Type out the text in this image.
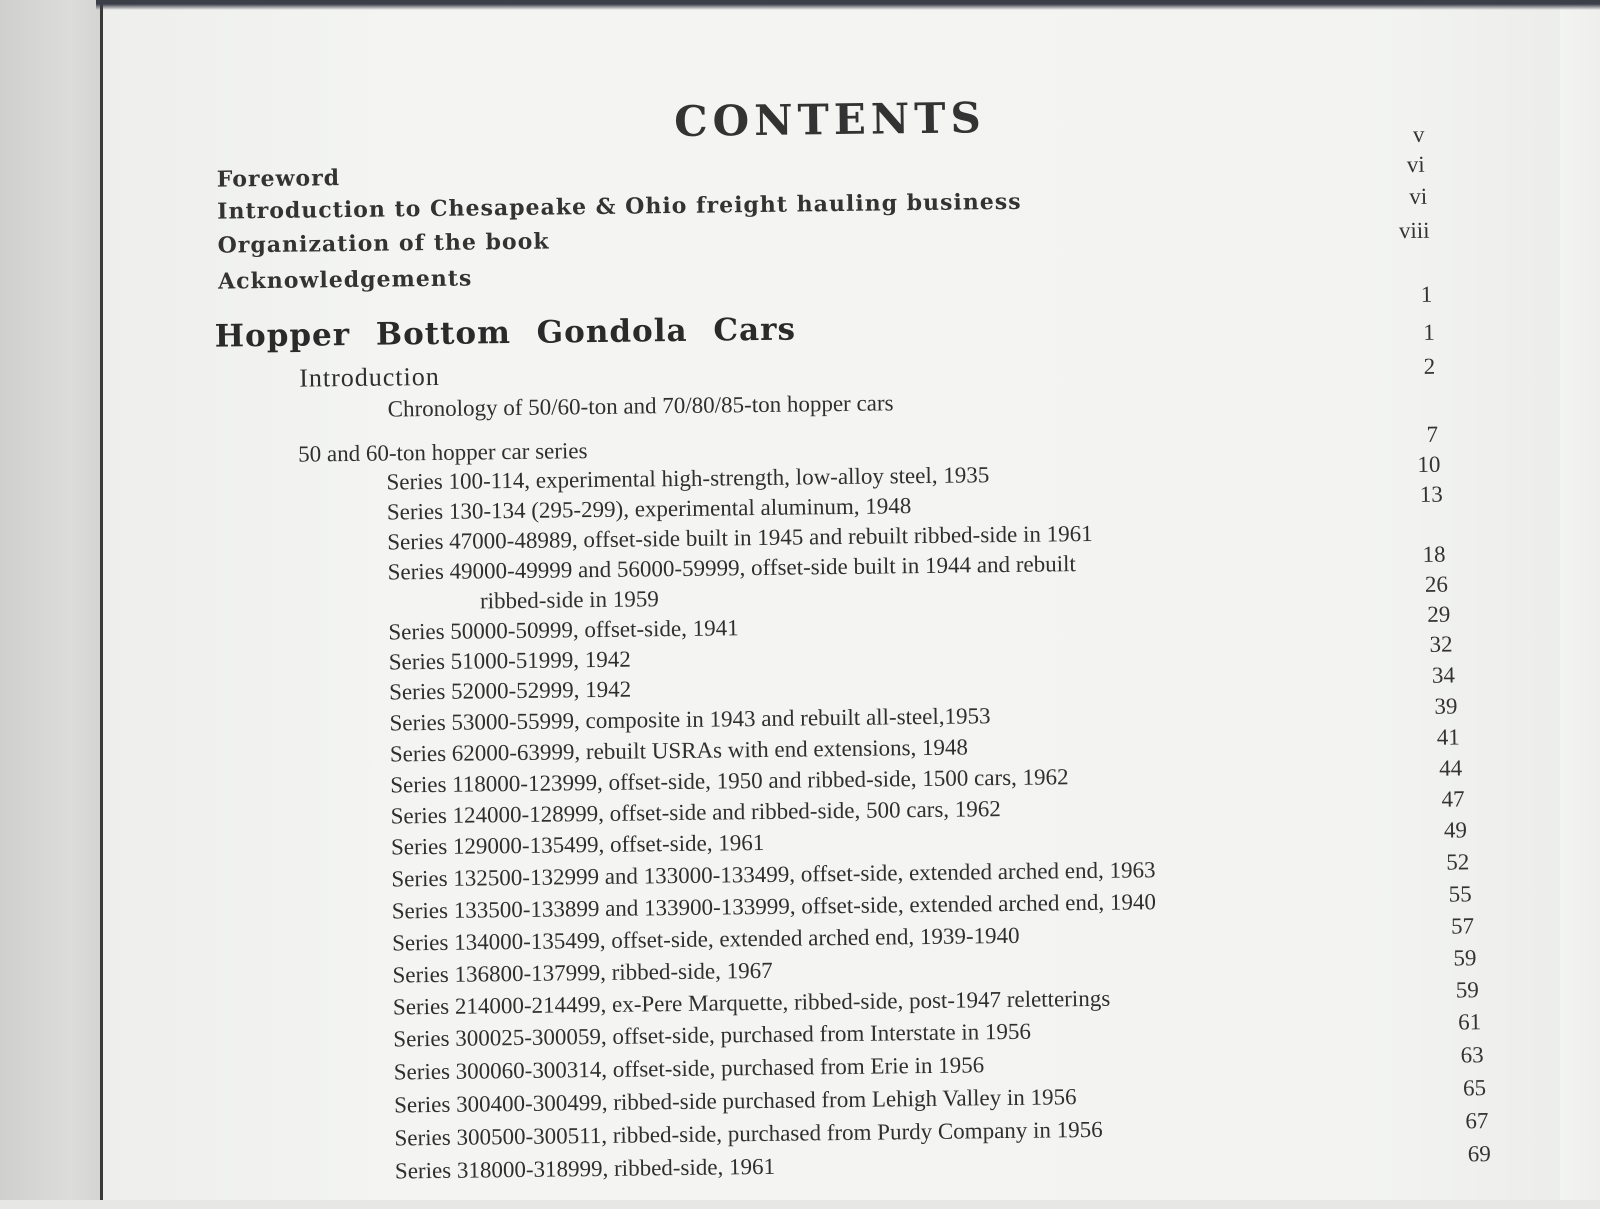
CONTENTS
Foreword
Introduction to Chesapeake & Ohio freight hauling business
Organization of the book
Acknowledgements
Hopper Bottom Gondola Cars
Introduction
Chronology of 50/60-ton and 70/80/85-ton hopper cars
50 and 60-ton hopper car series
Series 100-114, experimental high-strength, low-alloy steel, 1935
Series 130-134 (295-299), experimental aluminum, 1948
Series 47000-48989, offset-side built in 1945 and rebuilt ribbed-side in 1961
Series 49000-49999 and 56000-59999, offset-side built in 1944 and rebuilt
ribbed-side in 1959
Series 50000-50999, offset-side, 1941
Series 51000-51999, 1942
Series 52000-52999, 1942
Series 53000-55999, composite in 1943 and rebuilt all-steel,1953
Series 62000-63999, rebuilt USRAs with end extensions, 1948
Series 118000-123999, offset-side, 1950 and ribbed-side, 1500 cars, 1962
Series 124000-128999, offset-side and ribbed-side, 500 cars, 1962
Series 129000-135499, offset-side, 1961
Series 132500-132999 and 133000-133499, offset-side, extended arched end, 1963
Series 133500-133899 and 133900-133999, offset-side, extended arched end, 1940
Series 134000-135499, offset-side, extended arched end, 1939-1940
Series 136800-137999, ribbed-side, 1967
Series 214000-214499, ex-Pere Marquette, ribbed-side, post-1947 reletterings
Series 300025-300059, offset-side, purchased from Interstate in 1956
Series 300060-300314, offset-side, purchased from Erie in 1956
Series 300400-300499, ribbed-side purchased from Lehigh Valley in 1956
Series 300500-300511, ribbed-side, purchased from Purdy Company in 1956
Series 318000-318999, ribbed-side, 1961
v
vi
vi
viii
1
1
2
7
10
13
18
26
29
32
34
39
41
44
47
49
52
55
57
59
59
61
63
65
67
69
